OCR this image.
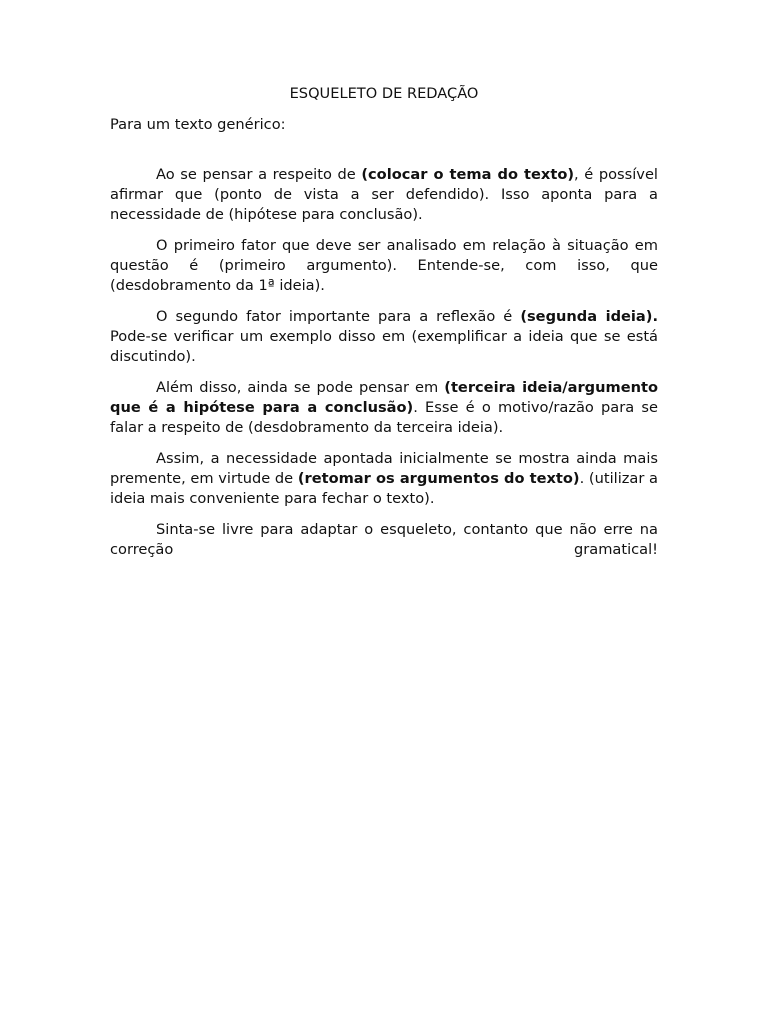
ESQUELETO DE REDAÇÃO

Para um texto genérico:

Ao se pensar a respeito de (colocar o tema do texto), é possível afirmar que (ponto de vista a ser defendido). Isso aponta para a necessidade de (hipótese para conclusão).

O primeiro fator que deve ser analisado em relação à situação em questão é (primeiro argumento). Entende-se, com isso, que (desdobramento da 1ª ideia).

O segundo fator importante para a reflexão é (segunda ideia). Pode-se verificar um exemplo disso em (exemplificar a ideia que se está discutindo).

Além disso, ainda se pode pensar em (terceira ideia/argumento que é a hipótese para a conclusão). Esse é o motivo/razão para se falar a respeito de (desdobramento da terceira ideia).

Assim, a necessidade apontada inicialmente se mostra ainda mais premente, em virtude de (retomar os argumentos do texto). (utilizar a ideia mais conveniente para fechar o texto).

Sinta-se livre para adaptar o esqueleto, contanto que não erre na correção gramatical!
